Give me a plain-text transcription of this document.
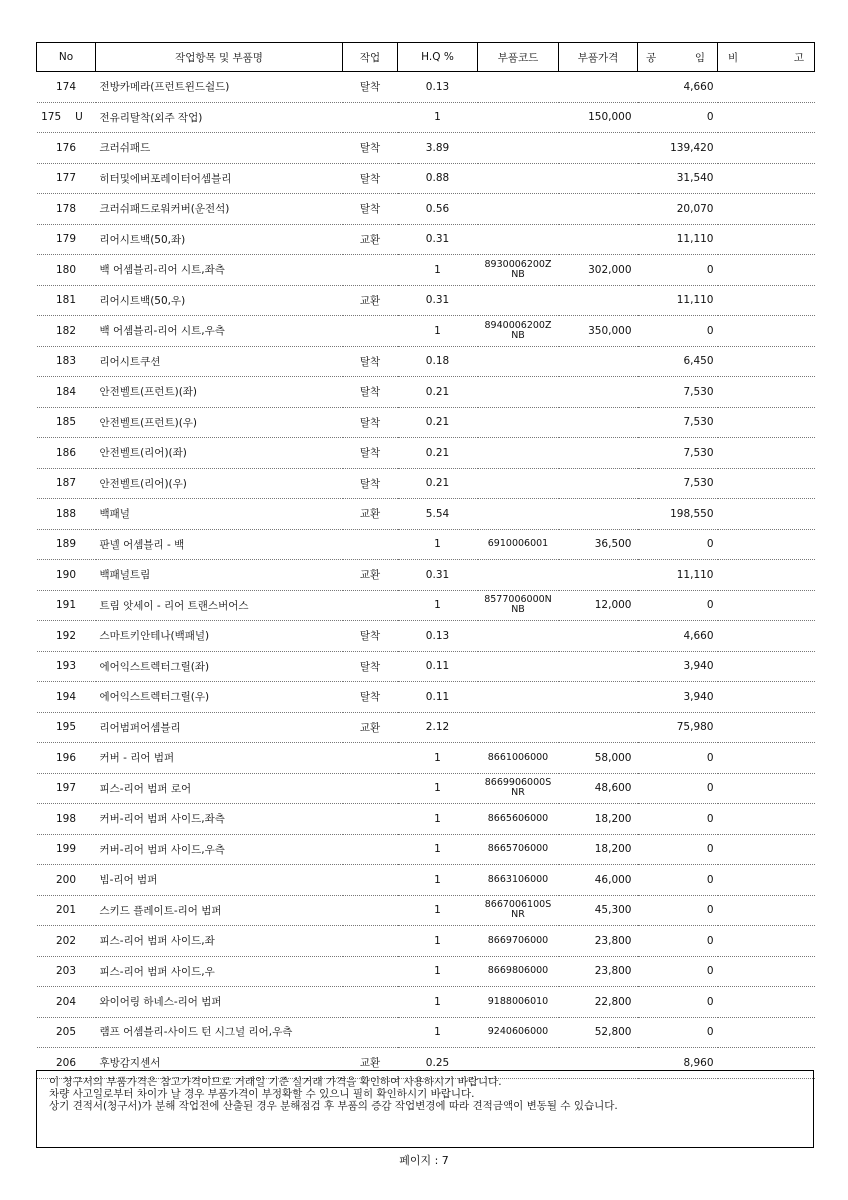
No	작업항목 및 부품명	작업	H.Q %	부품코드	부품가격	공 임	비 고

174	전방카메라(프런트윈드쉴드)	탈착	0.13			4,660	
175 U	전유리탈착(외주 작업)		1		150,000	0	
176	크러쉬패드	탈착	3.89			139,420	
177	히터및에버포레이터어셈블리	탈착	0.88			31,540	
178	크러쉬패드로워커버(운전석)	탈착	0.56			20,070	
179	리어시트백(50,좌)	교환	0.31			11,110	
180	백 어셈블리-리어 시트,좌측		1	8930006200Z NB	302,000	0	
181	리어시트백(50,우)	교환	0.31			11,110	
182	백 어셈블리-리어 시트,우측		1	8940006200Z NB	350,000	0	
183	리어시트쿠션	탈착	0.18			6,450	
184	안전벨트(프런트)(좌)	탈착	0.21			7,530	
185	안전벨트(프런트)(우)	탈착	0.21			7,530	
186	안전벨트(리어)(좌)	탈착	0.21			7,530	
187	안전벨트(리어)(우)	탈착	0.21			7,530	
188	백패널	교환	5.54			198,550	
189	판넬 어셈블리 - 백		1	6910006001	36,500	0	
190	백패널트림	교환	0.31			11,110	
191	트림 앗세이 - 리어 트랜스버어스		1	8577006000N NB	12,000	0	
192	스마트키안테나(백패널)	탈착	0.13			4,660	
193	에어익스트렉터그릴(좌)	탈착	0.11			3,940	
194	에어익스트렉터그릴(우)	탈착	0.11			3,940	
195	리어범퍼어셈블리	교환	2.12			75,980	
196	커버 - 리어 범퍼		1	8661006000	58,000	0	
197	피스-리어 범퍼 로어		1	8669906000S NR	48,600	0	
198	커버-리어 범퍼 사이드,좌측		1	8665606000	18,200	0	
199	커버-리어 범퍼 사이드,우측		1	8665706000	18,200	0	
200	빔-리어 범퍼		1	8663106000	46,000	0	
201	스키드 플레이트-리어 범퍼		1	8667006100S NR	45,300	0	
202	피스-리어 범퍼 사이드,좌		1	8669706000	23,800	0	
203	피스-리어 범퍼 사이드,우		1	8669806000	23,800	0	
204	와이어링 하네스-리어 범퍼		1	9188006010	22,800	0	
205	램프 어셈블리-사이드 턴 시그널 리어,우측		1	9240606000	52,800	0	
206	후방감지센서	교환	0.25			8,960	

이 청구서의 부품가격은 참고가격이므로 거래일 기준 실거래 가격을 확인하여 사용하시기 바랍니다.

차량 사고일로부터 차이가 날 경우 부품가격이 부정확할 수 있으니 필히 확인하시기 바랍니다.

상기 견적서(청구서)가 분해 작업전에 산출된 경우 분해점검 후 부품의 증감 작업변경에 따라 견적금액이 변동될 수 있습니다.

페이지 : 7
